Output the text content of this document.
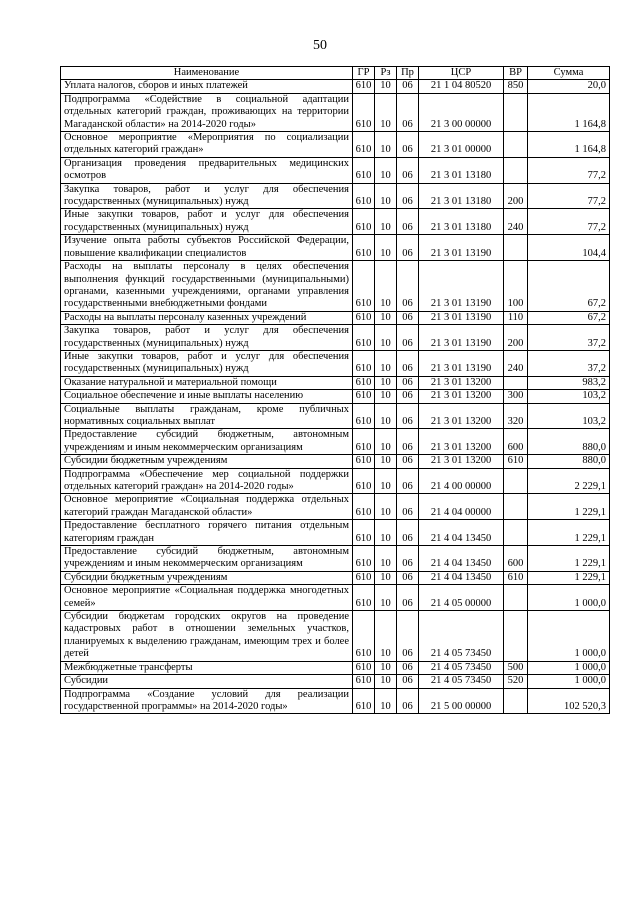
50
Наименование	ГР	Рз	Пр	ЦСР	ВР	Сумма
Уплата налогов, сборов и иных платежей	610	10	06	21 1 04 80520	850	20,0
Подпрограмма «Содействие в социальной адаптации отдельных категорий граждан, проживающих на территории Магаданской области» на 2014-2020 годы»	610	10	06	21 3 00 00000		1 164,8
Основное мероприятие «Мероприятия по социализации отдельных категорий граждан»	610	10	06	21 3 01 00000		1 164,8
Организация проведения предварительных медицинских осмотров	610	10	06	21 3 01 13180		77,2
Закупка товаров, работ и услуг для обеспечения государственных (муниципальных) нужд	610	10	06	21 3 01 13180	200	77,2
Иные закупки товаров, работ и услуг для обеспечения государственных (муниципальных) нужд	610	10	06	21 3 01 13180	240	77,2
Изучение опыта работы субъектов Российской Федерации, повышение квалификации специалистов	610	10	06	21 3 01 13190		104,4
Расходы на выплаты персоналу в целях обеспечения выполнения функций государственными (муниципальными) органами, казенными учреждениями, органами управления государственными внебюджетными фондами	610	10	06	21 3 01 13190	100	67,2
Расходы на выплаты персоналу казенных учреждений	610	10	06	21 3 01 13190	110	67,2
Закупка товаров, работ и услуг для обеспечения государственных (муниципальных) нужд	610	10	06	21 3 01 13190	200	37,2
Иные закупки товаров, работ и услуг для обеспечения государственных (муниципальных) нужд	610	10	06	21 3 01 13190	240	37,2
Оказание натуральной и материальной помощи	610	10	06	21 3 01 13200		983,2
Социальное обеспечение и иные выплаты населению	610	10	06	21 3 01 13200	300	103,2
Социальные выплаты гражданам, кроме публичных нормативных социальных выплат	610	10	06	21 3 01 13200	320	103,2
Предоставление субсидий бюджетным, автономным учреждениям и иным некоммерческим организациям	610	10	06	21 3 01 13200	600	880,0
Субсидии бюджетным учреждениям	610	10	06	21 3 01 13200	610	880,0
Подпрограмма «Обеспечение мер социальной поддержки отдельных категорий граждан» на 2014-2020 годы»	610	10	06	21 4 00 00000		2 229,1
Основное мероприятие «Социальная поддержка отдельных категорий граждан Магаданской области»	610	10	06	21 4 04 00000		1 229,1
Предоставление бесплатного горячего питания отдельным категориям граждан	610	10	06	21 4 04 13450		1 229,1
Предоставление субсидий бюджетным, автономным учреждениям и иным некоммерческим организациям	610	10	06	21 4 04 13450	600	1 229,1
Субсидии бюджетным учреждениям	610	10	06	21 4 04 13450	610	1 229,1
Основное мероприятие «Социальная поддержка многодетных семей»	610	10	06	21 4 05 00000		1 000,0
Субсидии бюджетам городских округов на проведение кадастровых работ в отношении земельных участков, планируемых к выделению гражданам, имеющим трех и более детей	610	10	06	21 4 05 73450		1 000,0
Межбюджетные трансферты	610	10	06	21 4 05 73450	500	1 000,0
Субсидии	610	10	06	21 4 05 73450	520	1 000,0
Подпрограмма «Создание условий для реализации государственной программы» на 2014-2020 годы»	610	10	06	21 5 00 00000		102 520,3
